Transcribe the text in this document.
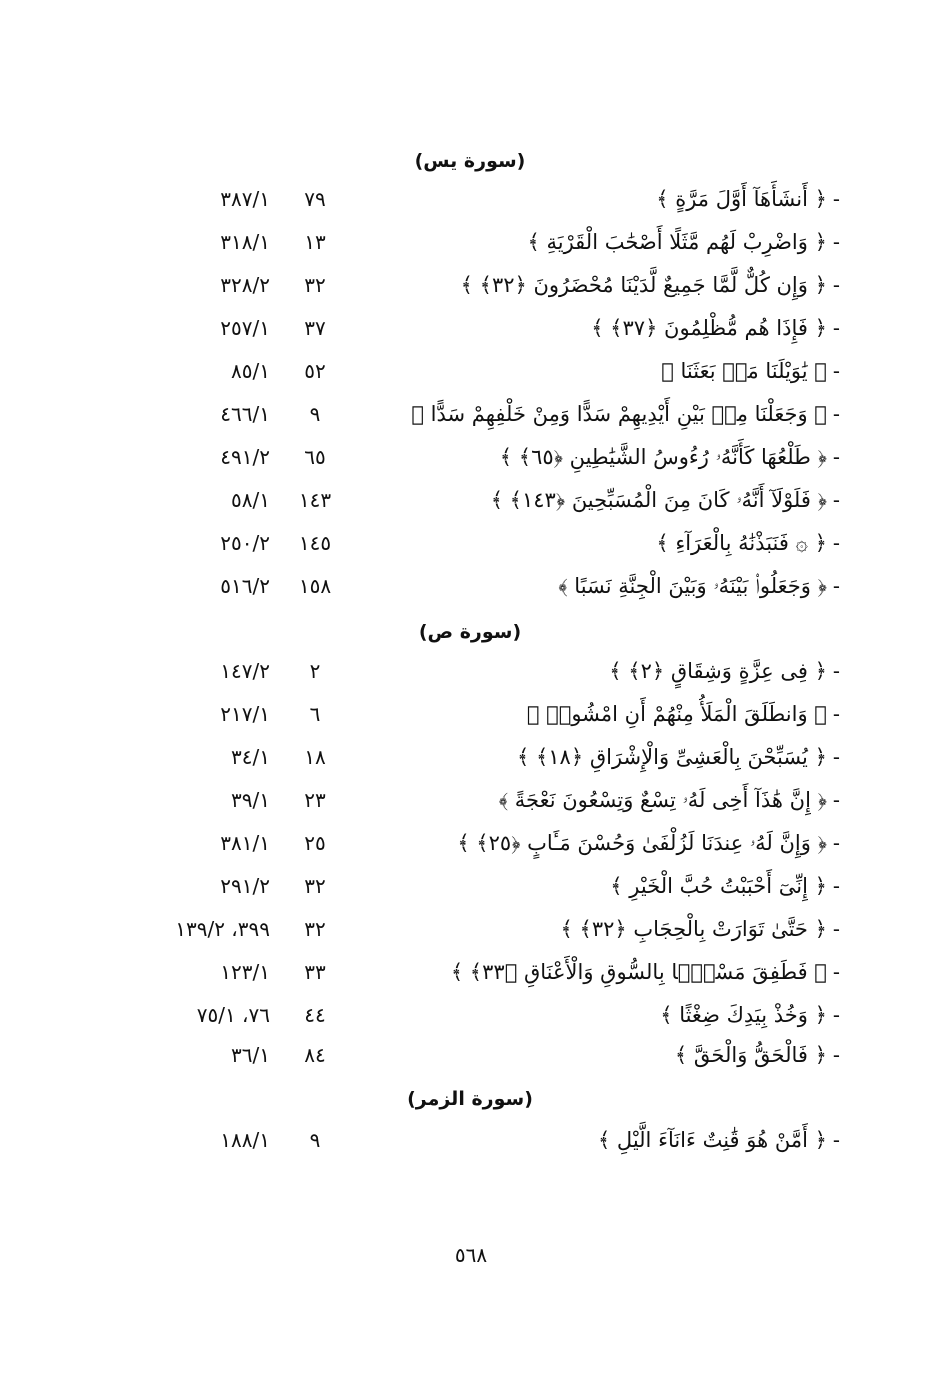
(سورة يس)
-﴿ أَنشَأَهَآ أَوَّلَ مَرَّةٍ ﴾
٧٩
٣٨٧/١
-﴿ وَاضْرِبْ لَهُم مَّثَلًا أَصْحَٰبَ الْقَرْيَةِ ﴾
١٣
٣١٨/١
-﴿ وَإِن كُلٌّ لَّمَّا جَمِيعٌ لَّدَيْنَا مُحْضَرُونَ ﴿٣٢﴾ ﴾
٣٢
٣٢٨/٢
-﴿ فَإِذَا هُم مُّظْلِمُونَ ﴿٣٧﴾ ﴾
٣٧
٢٥٧/١
-﴿ يَٰوَيْلَنَا مَنۢ بَعَثَنَا ﴾
٥٢
٨٥/١
-﴿ وَجَعَلْنَا مِنۢ بَيْنِ أَيْدِيهِمْ سَدًّا وَمِنْ خَلْفِهِمْ سَدًّا ﴾
٩
٤٦٦/١
-﴿ طَلْعُهَا كَأَنَّهُۥ رُءُوسُ الشَّيَٰطِينِ ﴿٦٥﴾ ﴾
٦٥
٤٩١/٢
-﴿ فَلَوْلَآ أَنَّهُۥ كَانَ مِنَ الْمُسَبِّحِينَ ﴿١٤٣﴾ ﴾
١٤٣
٥٨/١
-﴿ ۞ فَنَبَذْنَٰهُ بِالْعَرَآءِ ﴾
١٤٥
٢٥٠/٢
-﴿ وَجَعَلُوا۟ بَيْنَهُۥ وَبَيْنَ الْجِنَّةِ نَسَبًا ﴾
١٥٨
٥١٦/٢
(سورة ص)
-﴿ فِى عِزَّةٍ وَشِقَاقٍ ﴿٢﴾ ﴾
٢
١٤٧/٢
-﴿ وَانطَلَقَ الْمَلَأُ مِنْهُمْ أَنِ امْشُوا۟ ﴾
٦
٢١٧/١
-﴿ يُسَبِّحْنَ بِالْعَشِىِّ وَالْإِشْرَاقِ ﴿١٨﴾ ﴾
١٨
٣٤/١
-﴿ إِنَّ هَٰذَآ أَخِى لَهُۥ تِسْعٌ وَتِسْعُونَ نَعْجَةً ﴾
٢٣
٣٩/١
-﴿ وَإِنَّ لَهُۥ عِندَنَا لَزُلْفَىٰ وَحُسْنَ مَـَٔابٍ ﴿٢٥﴾ ﴾
٢٥
٣٨١/١
-﴿ إِنِّىٓ أَحْبَبْتُ حُبَّ الْخَيْرِ ﴾
٣٢
٢٩١/٢
-﴿ حَتَّىٰ تَوَارَتْ بِالْحِجَابِ ﴿٣٢﴾ ﴾
٣٢
٣٩٩، ١٣٩/٢
-﴿ فَطَفِقَ مَسْحًۢا بِالسُّوقِ وَالْأَعْنَاقِ ﴿٣٣﴾ ﴾
٣٣
١٢٣/١
-﴿ وَخُذْ بِيَدِكَ ضِغْثًا ﴾
٤٤
٧٦، ٧٥/١
-﴿ فَالْحَقُّ وَالْحَقَّ ﴾
٨٤
٣٦/١
(سورة الزمر)
-﴿ أَمَّنْ هُوَ قَٰنِتٌ ءَانَآءَ الَّيْلِ ﴾
٩
١٨٨/١
٥٦٨
